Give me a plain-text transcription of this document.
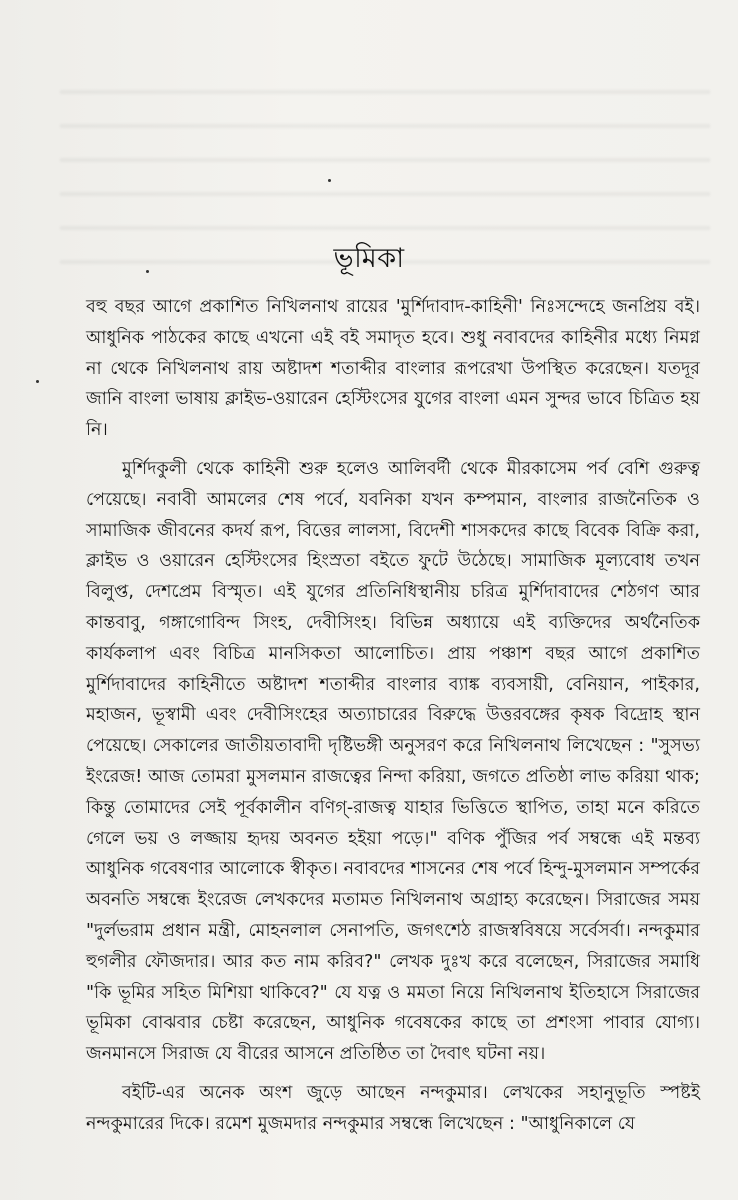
ভূমিকা

বহু বছর আগে প্রকাশিত নিখিলনাথ রায়ের 'মুর্শিদাবাদ-কাহিনী' নিঃসন্দেহে জনপ্রিয় বই। আধুনিক পাঠকের কাছে এখনো এই বই সমাদৃত হবে। শুধু নবাবদের কাহিনীর মধ্যে নিমগ্ন না থেকে নিখিলনাথ রায় অষ্টাদশ শতাব্দীর বাংলার রূপরেখা উপস্থিত করেছেন। যতদূর জানি বাংলা ভাষায় ক্লাইভ-ওয়ারেন হেস্টিংসের যুগের বাংলা এমন সুন্দর ভাবে চিত্রিত হয় নি।

মুর্শিদকুলী থেকে কাহিনী শুরু হলেও আলিবর্দী থেকে মীরকাসেম পর্ব বেশি গুরুত্ব পেয়েছে। নবাবী আমলের শেষ পর্বে, যবনিকা যখন কম্পমান, বাংলার রাজনৈতিক ও সামাজিক জীবনের কদর্য রূপ, বিত্তের লালসা, বিদেশী শাসকদের কাছে বিবেক বিক্রি করা, ক্লাইভ ও ওয়ারেন হেস্টিংসের হিংস্রতা বইতে ফুটে উঠেছে। সামাজিক মূল্যবোধ তখন বিলুপ্ত, দেশপ্রেম বিস্মৃত। এই যুগের প্রতিনিধিস্থানীয় চরিত্র মুর্শিদাবাদের শেঠগণ আর কান্তবাবু, গঙ্গাগোবিন্দ সিংহ, দেবীসিংহ। বিভিন্ন অধ্যায়ে এই ব্যক্তিদের অর্থনৈতিক কার্যকলাপ এবং বিচিত্র মানসিকতা আলোচিত। প্রায় পঞ্চাশ বছর আগে প্রকাশিত মুর্শিদাবাদের কাহিনীতে অষ্টাদশ শতাব্দীর বাংলার ব্যাঙ্ক ব্যবসায়ী, বেনিয়ান, পাইকার, মহাজন, ভূস্বামী এবং দেবীসিংহের অত্যাচারের বিরুদ্ধে উত্তরবঙ্গের কৃষক বিদ্রোহ স্থান পেয়েছে। সেকালের জাতীয়তাবাদী দৃষ্টিভঙ্গী অনুসরণ করে নিখিলনাথ লিখেছেন : "সুসভ্য ইংরেজ! আজ তোমরা মুসলমান রাজত্বের নিন্দা করিয়া, জগতে প্রতিষ্ঠা লাভ করিয়া থাক; কিন্তু তোমাদের সেই পূর্বকালীন বণিগ্-রাজত্ব যাহার ভিত্তিতে স্থাপিত, তাহা মনে করিতে গেলে ভয় ও লজ্জায় হৃদয় অবনত হইয়া পড়ে।" বণিক পুঁজির পর্ব সম্বন্ধে এই মন্তব্য আধুনিক গবেষণার আলোকে স্বীকৃত। নবাবদের শাসনের শেষ পর্বে হিন্দু-মুসলমান সম্পর্কের অবনতি সম্বন্ধে ইংরেজ লেখকদের মতামত নিখিলনাথ অগ্রাহ্য করেছেন। সিরাজের সময় "দুর্লভরাম প্রধান মন্ত্রী, মোহনলাল সেনাপতি, জগৎশেঠ রাজস্ববিষয়ে সর্বেসর্বা। নন্দকুমার হুগলীর ফৌজদার। আর কত নাম করিব?" লেখক দুঃখ করে বলেছেন, সিরাজের সমাধি "কি ভূমির সহিত মিশিয়া থাকিবে?" যে যত্ন ও মমতা নিয়ে নিখিলনাথ ইতিহাসে সিরাজের ভূমিকা বোঝবার চেষ্টা করেছেন, আধুনিক গবেষকের কাছে তা প্রশংসা পাবার যোগ্য। জনমানসে সিরাজ যে বীরের আসনে প্রতিষ্ঠিত তা দৈবাৎ ঘটনা নয়।

বইটি-এর অনেক অংশ জুড়ে আছেন নন্দকুমার। লেখকের সহানুভূতি স্পষ্টই নন্দকুমারের দিকে। রমেশ মুজমদার নন্দকুমার সম্বন্ধে লিখেছেন : "আধুনিকালে যে
